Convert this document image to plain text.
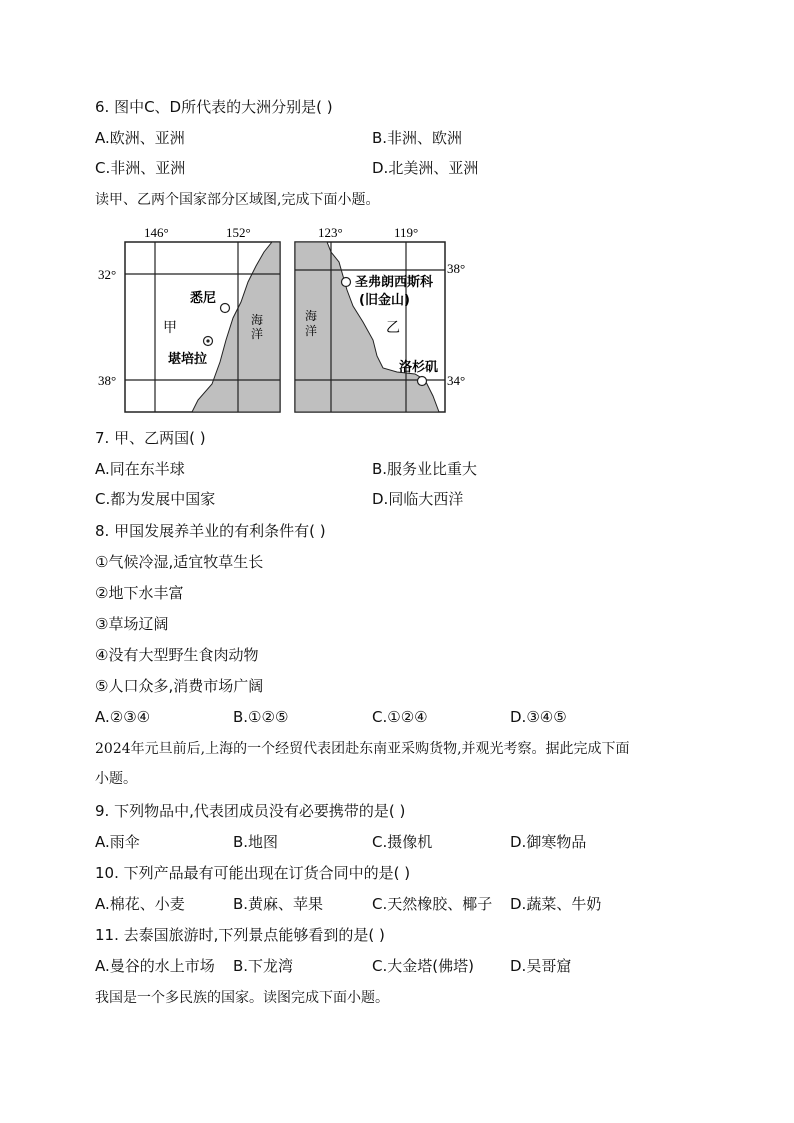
6. 图中C、D所代表的大洲分别是( )
A.欧洲、亚洲	B.非洲、欧洲
C.非洲、亚洲	D.北美洲、亚洲
读甲、乙两个国家部分区域图,完成下面小题。
146°	152°
32°
38°
悉尼
堪培拉
甲
海
洋
123°	119°
38°
34°
圣弗朗西斯科
(旧金山)
洛杉矶
乙
海
洋
7. 甲、乙两国( )
A.同在东半球	B.服务业比重大
C.都为发展中国家	D.同临大西洋
8. 甲国发展养羊业的有利条件有( )
①气候冷湿,适宜牧草生长
②地下水丰富
③草场辽阔
④没有大型野生食肉动物
⑤人口众多,消费市场广阔
A.②③④	B.①②⑤	C.①②④	D.③④⑤
2024年元旦前后,上海的一个经贸代表团赴东南亚采购货物,并观光考察。据此完成下面
小题。
9. 下列物品中,代表团成员没有必要携带的是( )
A.雨伞	B.地图	C.摄像机	D.御寒物品
10. 下列产品最有可能出现在订货合同中的是( )
A.棉花、小麦	B.黄麻、苹果	C.天然橡胶、椰子 D.蔬菜、牛奶
11. 去泰国旅游时,下列景点能够看到的是( )
A.曼谷的水上市场 B.下龙湾	C.大金塔(佛塔) D.吴哥窟
我国是一个多民族的国家。读图完成下面小题。
